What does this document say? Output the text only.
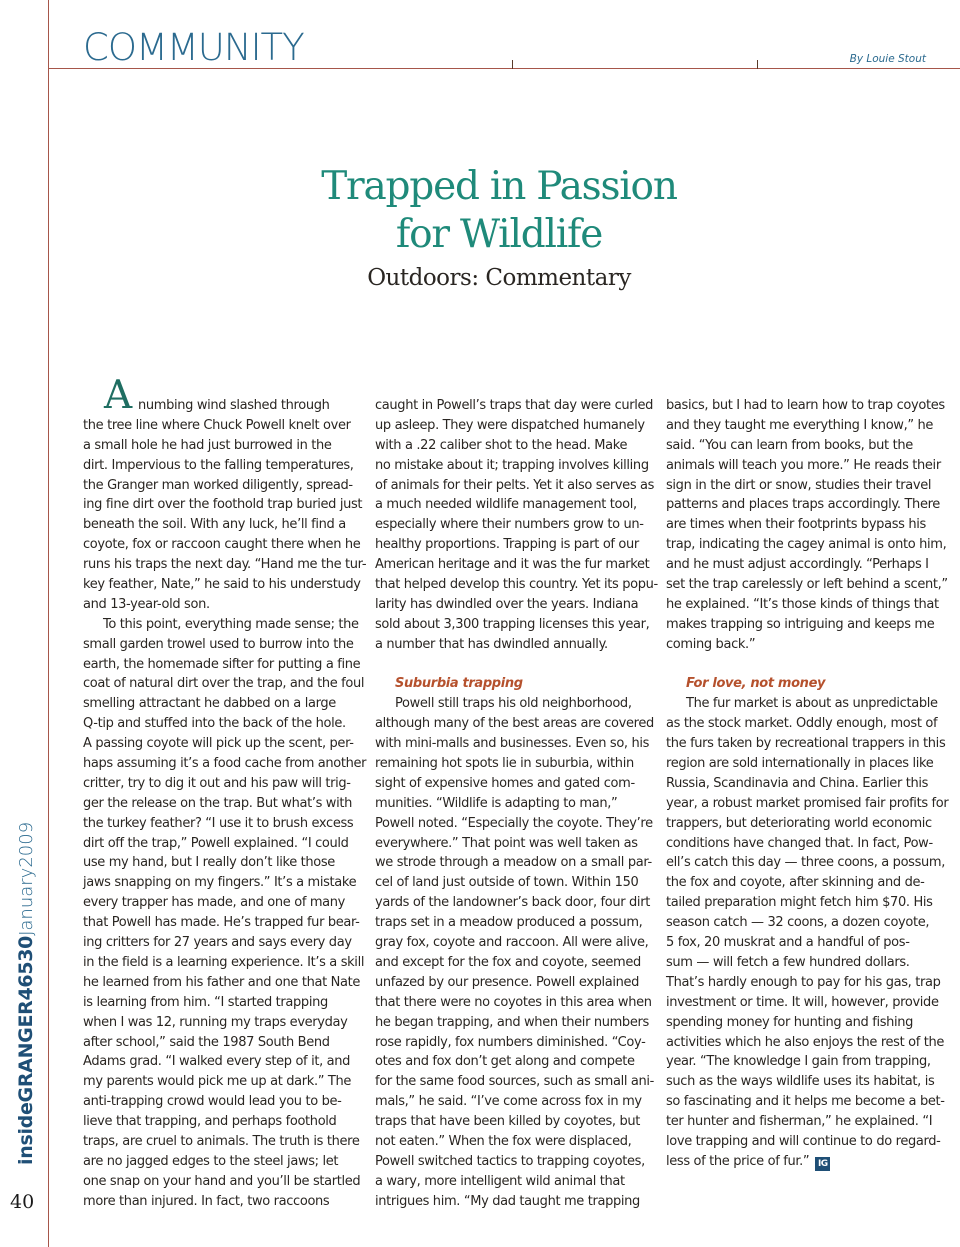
COMMUNITY	By Louie Stout
Trapped in Passion
for Wildlife
Outdoors: Commentary
A numbing wind slashed through
the tree line where Chuck Powell knelt over
a small hole he had just burrowed in the
dirt. Impervious to the falling temperatures,
the Granger man worked diligently, spread-
ing fine dirt over the foothold trap buried just
beneath the soil. With any luck, he’ll find a
coyote, fox or raccoon caught there when he
runs his traps the next day. “Hand me the tur-
key feather, Nate,” he said to his understudy
and 13-year-old son.
To this point, everything made sense; the
small garden trowel used to burrow into the
earth, the homemade sifter for putting a fine
coat of natural dirt over the trap, and the foul
smelling attractant he dabbed on a large
Q-tip and stuffed into the back of the hole.
A passing coyote will pick up the scent, per-
haps assuming it’s a food cache from another
critter, try to dig it out and his paw will trig-
ger the release on the trap. But what’s with
the turkey feather? “I use it to brush excess
dirt off the trap,” Powell explained. “I could
use my hand, but I really don’t like those
jaws snapping on my fingers.” It’s a mistake
every trapper has made, and one of many
that Powell has made. He’s trapped fur bear-
ing critters for 27 years and says every day
in the field is a learning experience. It’s a skill
he learned from his father and one that Nate
is learning from him. “I started trapping
when I was 12, running my traps everyday
after school,” said the 1987 South Bend
Adams grad. “I walked every step of it, and
my parents would pick me up at dark.” The
anti-trapping crowd would lead you to be-
lieve that trapping, and perhaps foothold
traps, are cruel to animals. The truth is there
are no jagged edges to the steel jaws; let
one snap on your hand and you’ll be startled
more than injured. In fact, two raccoons
caught in Powell’s traps that day were curled
up asleep. They were dispatched humanely
with a .22 caliber shot to the head. Make
no mistake about it; trapping involves killing
of animals for their pelts. Yet it also serves as
a much needed wildlife management tool,
especially where their numbers grow to un-
healthy proportions. Trapping is part of our
American heritage and it was the fur market
that helped develop this country. Yet its popu-
larity has dwindled over the years. Indiana
sold about 3,300 trapping licenses this year,
a number that has dwindled annually.
Suburbia trapping
Powell still traps his old neighborhood,
although many of the best areas are covered
with mini-malls and businesses. Even so, his
remaining hot spots lie in suburbia, within
sight of expensive homes and gated com-
munities. “Wildlife is adapting to man,”
Powell noted. “Especially the coyote. They’re
everywhere.” That point was well taken as
we strode through a meadow on a small par-
cel of land just outside of town. Within 150
yards of the landowner’s back door, four dirt
traps set in a meadow produced a possum,
gray fox, coyote and raccoon. All were alive,
and except for the fox and coyote, seemed
unfazed by our presence. Powell explained
that there were no coyotes in this area when
he began trapping, and when their numbers
rose rapidly, fox numbers diminished. “Coy-
otes and fox don’t get along and compete
for the same food sources, such as small ani-
mals,” he said. “I’ve come across fox in my
traps that have been killed by coyotes, but
not eaten.” When the fox were displaced,
Powell switched tactics to trapping coyotes,
a wary, more intelligent wild animal that
intrigues him. “My dad taught me trapping
basics, but I had to learn how to trap coyotes
and they taught me everything I know,” he
said. “You can learn from books, but the
animals will teach you more.” He reads their
sign in the dirt or snow, studies their travel
patterns and places traps accordingly. There
are times when their footprints bypass his
trap, indicating the cagey animal is onto him,
and he must adjust accordingly. “Perhaps I
set the trap carelessly or left behind a scent,”
he explained. “It’s those kinds of things that
makes trapping so intriguing and keeps me
coming back.”
For love, not money
The fur market is about as unpredictable
as the stock market. Oddly enough, most of
the furs taken by recreational trappers in this
region are sold internationally in places like
Russia, Scandinavia and China. Earlier this
year, a robust market promised fair profits for
trappers, but deteriorating world economic
conditions have changed that. In fact, Pow-
ell’s catch this day — three coons, a possum,
the fox and coyote, after skinning and de-
tailed preparation might fetch him $70. His
season catch — 32 coons, a dozen coyote,
5 fox, 20 muskrat and a handful of pos-
sum — will fetch a few hundred dollars.
That’s hardly enough to pay for his gas, trap
investment or time. It will, however, provide
spending money for hunting and fishing
activities which he also enjoys the rest of the
year. “The knowledge I gain from trapping,
such as the ways wildlife uses its habitat, is
so fascinating and it helps me become a bet-
ter hunter and fisherman,” he explained. “I
love trapping and will continue to do regard-
less of the price of fur.” IG
insideGRANGER46530January2009
40
